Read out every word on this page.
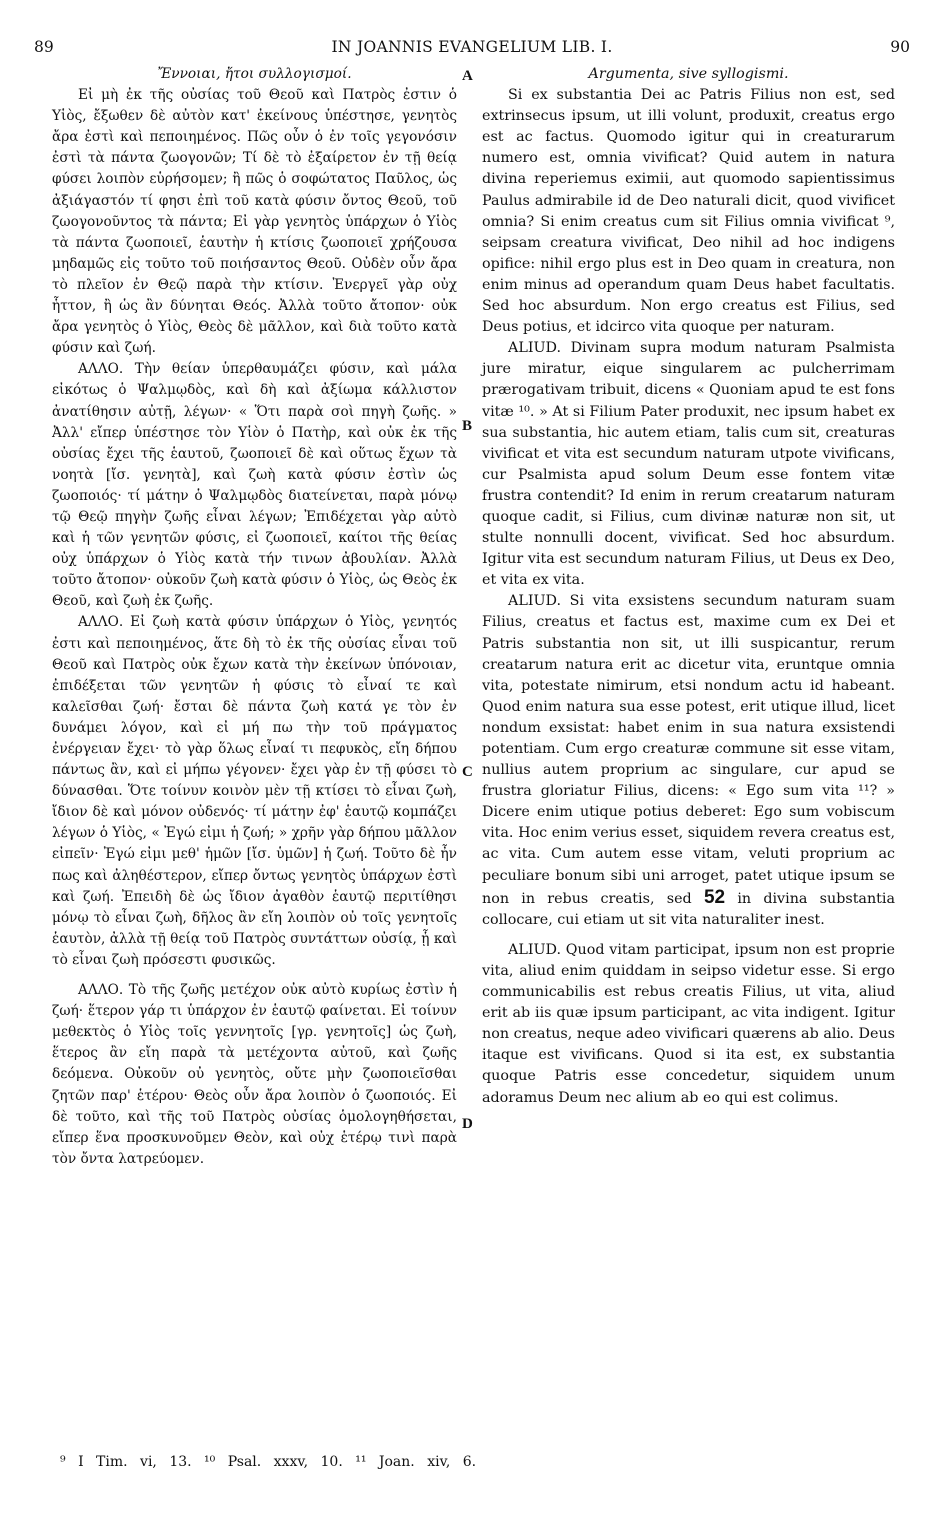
89	IN JOANNIS EVANGELIUM LIB. I.	90
Ἔννοιαι, ἤτοι συλλογισμοί.

Εἰ μὴ ἐκ τῆς οὐσίας τοῦ Θεοῦ καὶ Πατρὸς ἐστιν ὁ Υἱὸς, ἔξωθεν δὲ αὐτὸν κατ' ἐκείνους ὑπέστησε, γενητὸς ἄρα ἐστὶ καὶ πεποιημένος. Πῶς οὖν ὁ ἐν τοῖς γεγονόσιν ἐστὶ τὰ πάντα ζωογονῶν; Τί δὲ τὸ ἐξαίρετον ἐν τῇ θείᾳ φύσει λοιπὸν εὑρήσομεν; ἢ πῶς ὁ σοφώτατος Παῦλος, ὡς ἀξιάγαστόν τί φησι ἐπὶ τοῦ κατὰ φύσιν ὄντος Θεοῦ, τοῦ ζωογονοῦντος τὰ πάντα; Εἰ γὰρ γενητὸς ὑπάρχων ὁ Υἱὸς τὰ πάντα ζωοποιεῖ, ἑαυτὴν ἡ κτίσις ζωοποιεῖ χρήζουσα μηδαμῶς εἰς τοῦτο τοῦ ποιήσαντος Θεοῦ. Οὐδὲν οὖν ἄρα τὸ πλεῖον ἐν Θεῷ παρὰ τὴν κτίσιν. Ἐνεργεῖ γὰρ οὐχ ἧττον, ἢ ὡς ἂν δύνηται Θεός. Ἀλλὰ τοῦτο ἄτοπον· οὐκ ἄρα γενητὸς ὁ Υἱὸς, Θεὸς δὲ μᾶλλον, καὶ διὰ τοῦτο κατὰ φύσιν καὶ ζωή.

ΑΛΛΟ. Τὴν θείαν ὑπερθαυμάζει φύσιν, καὶ μάλα εἰκότως ὁ Ψαλμῳδὸς, καὶ δὴ καὶ ἀξίωμα κάλλιστον ἀνατίθησιν αὐτῇ, λέγων· « Ὅτι παρὰ σοὶ πηγὴ ζωῆς. » Ἀλλ' εἴπερ ὑπέστησε τὸν Υἱὸν ὁ Πατὴρ, καὶ οὐκ ἐκ τῆς οὐσίας ἔχει τῆς ἑαυτοῦ, ζωοποιεῖ δὲ καὶ οὕτως ἔχων τὰ νοητὰ [ἴσ. γενητὰ], καὶ ζωὴ κατὰ φύσιν ἐστὶν ὡς ζωοποιός· τί μάτην ὁ Ψαλμῳδὸς διατείνεται, παρὰ μόνῳ τῷ Θεῷ πηγὴν ζωῆς εἶναι λέγων; Ἐπιδέχεται γὰρ αὐτὸ καὶ ἡ τῶν γενητῶν φύσις, εἰ ζωοποιεῖ, καίτοι τῆς θείας οὐχ ὑπάρχων ὁ Υἱὸς κατὰ τήν τινων ἀβουλίαν. Ἀλλὰ τοῦτο ἄτοπον· οὐκοῦν ζωὴ κατὰ φύσιν ὁ Υἱὸς, ὡς Θεὸς ἐκ Θεοῦ, καὶ ζωὴ ἐκ ζωῆς.

ΑΛΛΟ. Εἰ ζωὴ κατὰ φύσιν ὑπάρχων ὁ Υἱὸς, γενητός ἐστι καὶ πεποιημένος, ἅτε δὴ τὸ ἐκ τῆς οὐσίας εἶναι τοῦ Θεοῦ καὶ Πατρὸς οὐκ ἔχων κατὰ τὴν ἐκείνων ὑπόνοιαν, ἐπιδέξεται τῶν γενητῶν ἡ φύσις τὸ εἶναί τε καὶ καλεῖσθαι ζωή· ἔσται δὲ πάντα ζωὴ κατά γε τὸν ἐν δυνάμει λόγον, καὶ εἰ μή πω τὴν τοῦ πράγματος ἐνέργειαν ἔχει· τὸ γὰρ ὅλως εἶναί τι πεφυκὸς, εἴη δήπου πάντως ἂν, καὶ εἰ μήπω γέγονεν· ἔχει γὰρ ἐν τῇ φύσει τὸ δύνασθαι. Ὅτε τοίνυν κοινὸν μὲν τῇ κτίσει τὸ εἶναι ζωὴ, ἴδιον δὲ καὶ μόνον οὐδενός· τί μάτην ἐφ' ἑαυτῷ κομπάζει λέγων ὁ Υἱὸς, « Ἐγώ εἰμι ἡ ζωή; » χρῆν γὰρ δήπου μᾶλλον εἰπεῖν· Ἐγώ εἰμι μεθ' ἡμῶν [ἴσ. ὑμῶν] ἡ ζωή. Τοῦτο δὲ ἦν πως καὶ ἀληθέστερον, εἴπερ ὄντως γενητὸς ὑπάρχων ἐστὶ καὶ ζωή. Ἐπειδὴ δὲ ὡς ἴδιον ἀγαθὸν ἑαυτῷ περιτίθησι μόνῳ τὸ εἶναι ζωὴ, δῆλος ἂν εἴη λοιπὸν οὐ τοῖς γενητοῖς ἑαυτὸν, ἀλλὰ τῇ θείᾳ τοῦ Πατρὸς συντάττων οὐσίᾳ, ᾗ καὶ τὸ εἶναι ζωὴ πρόσεστι φυσικῶς.

ΑΛΛΟ. Τὸ τῆς ζωῆς μετέχον οὐκ αὐτὸ κυρίως ἐστὶν ἡ ζωή· ἕτερον γάρ τι ὑπάρχον ἐν ἑαυτῷ φαίνεται. Εἰ τοίνυν μεθεκτὸς ὁ Υἱὸς τοῖς γεννητοῖς [γρ. γενητοῖς] ὡς ζωὴ, ἕτερος ἂν εἴη παρὰ τὰ μετέχοντα αὐτοῦ, καὶ ζωῆς δεόμενα. Οὐκοῦν οὐ γενητὸς, οὔτε μὴν ζωοποιεῖσθαι ζητῶν παρ' ἑτέρου· Θεὸς οὖν ἄρα λοιπὸν ὁ ζωοποιός. Εἰ δὲ τοῦτο, καὶ τῆς τοῦ Πατρὸς οὐσίας ὁμολογηθήσεται, εἴπερ ἕνα προσκυνοῦμεν Θεὸν, καὶ οὐχ ἑτέρῳ τινὶ παρὰ τὸν ὄντα λατρεύομεν.

Argumenta, sive syllogismi.

Si ex substantia Dei ac Patris Filius non est, sed extrinsecus ipsum, ut illi volunt, produxit, creatus ergo est ac factus. Quomodo igitur qui in creaturarum numero est, omnia vivificat? Quid autem in natura divina reperiemus eximii, aut quomodo sapientissimus Paulus admirabile id de Deo naturali dicit, quod vivificet omnia? Si enim creatus cum sit Filius omnia vivificat ⁹, seipsam creatura vivificat, Deo nihil ad hoc indigens opifice: nihil ergo plus est in Deo quam in creatura, non enim minus ad operandum quam Deus habet facultatis. Sed hoc absurdum. Non ergo creatus est Filius, sed Deus potius, et idcirco vita quoque per naturam.

ALIUD. Divinam supra modum naturam Psalmista jure miratur, eique singularem ac pulcherrimam prærogativam tribuit, dicens « Quoniam apud te est fons vitæ ¹⁰. » At si Filium Pater produxit, nec ipsum habet ex sua substantia, hic autem etiam, talis cum sit, creaturas vivificat et vita est secundum naturam utpote vivificans, cur Psalmista apud solum Deum esse fontem vitæ frustra contendit? Id enim in rerum creatarum naturam quoque cadit, si Filius, cum divinæ naturæ non sit, ut stulte nonnulli docent, vivificat. Sed hoc absurdum. Igitur vita est secundum naturam Filius, ut Deus ex Deo, et vita ex vita.

ALIUD. Si vita exsistens secundum naturam suam Filius, creatus et factus est, maxime cum ex Dei et Patris substantia non sit, ut illi suspicantur, rerum creatarum natura erit ac dicetur vita, eruntque omnia vita, potestate nimirum, etsi nondum actu id habeant. Quod enim natura sua esse potest, erit utique illud, licet nondum exsistat: habet enim in sua natura exsistendi potentiam. Cum ergo creaturæ commune sit esse vitam, nullius autem proprium ac singulare, cur apud se frustra gloriatur Filius, dicens: « Ego sum vita ¹¹? » Dicere enim utique potius deberet: Ego sum vobiscum vita. Hoc enim verius esset, siquidem revera creatus est, ac vita. Cum autem esse vitam, veluti proprium ac peculiare bonum sibi uni arroget, patet utique ipsum se non in rebus creatis, sed 52 in divina substantia collocare, cui etiam ut sit vita naturaliter inest.

ALIUD. Quod vitam participat, ipsum non est proprie vita, aliud enim quiddam in seipso videtur esse. Si ergo communicabilis est rebus creatis Filius, ut vita, aliud erit ab iis quæ ipsum participant, ac vita indigent. Igitur non creatus, neque adeo vivificari quærens ab alio. Deus itaque est vivificans. Quod si ita est, ex substantia quoque Patris esse concedetur, siquidem unum adoramus Deum nec alium ab eo qui est colimus.

A
B
C
D
⁹ I Tim. vi, 13. ¹⁰ Psal. xxxv, 10. ¹¹ Joan. xiv, 6.
